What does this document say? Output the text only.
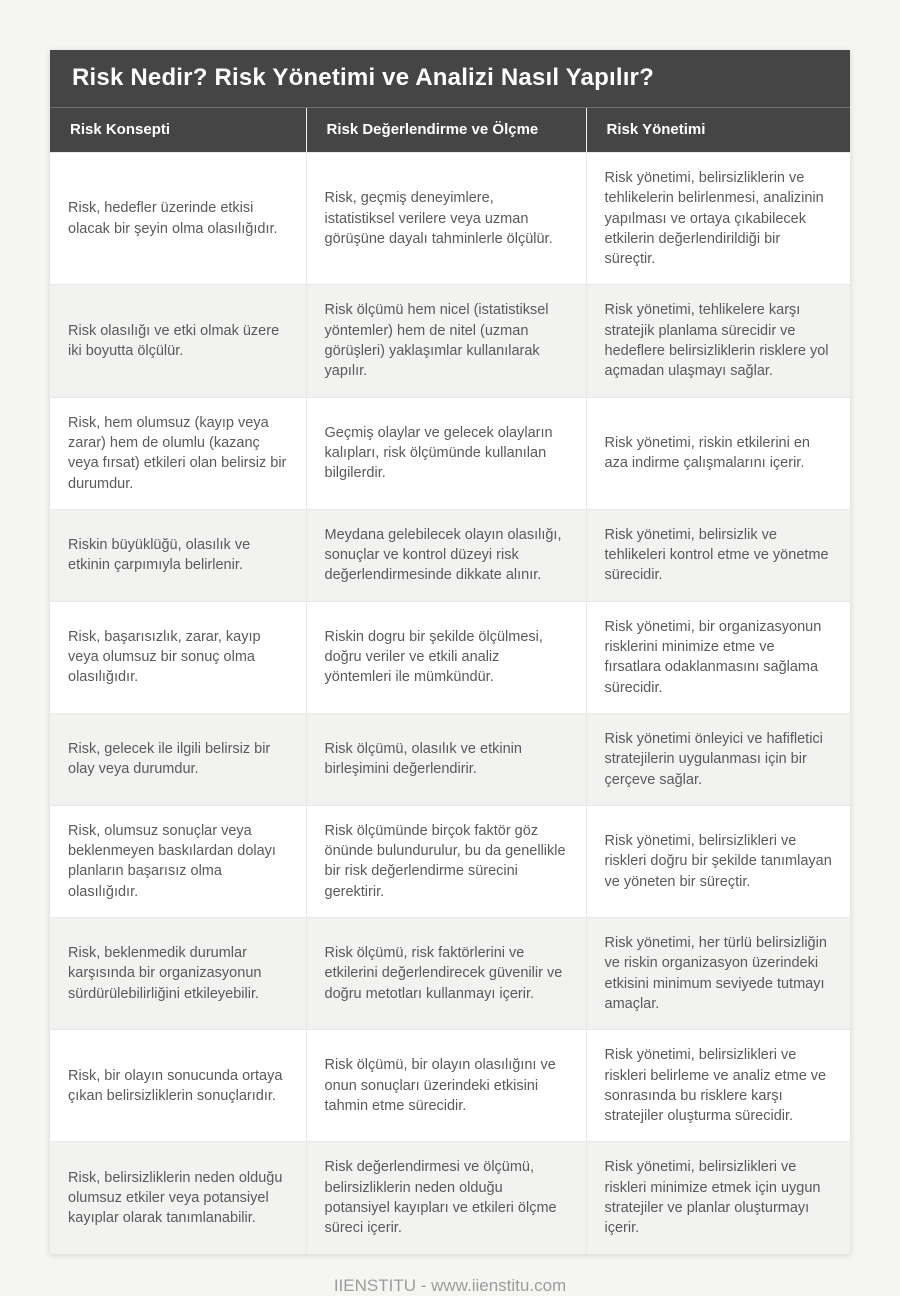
Risk Nedir? Risk Yönetimi ve Analizi Nasıl Yapılır?
Risk Konsepti	Risk Değerlendirme ve Ölçme	Risk Yönetimi
Risk, hedefler üzerinde etkisi olacak bir şeyin olma olasılığıdır.	Risk, geçmiş deneyimlere, istatistiksel verilere veya uzman görüşüne dayalı tahminlerle ölçülür.	Risk yönetimi, belirsizliklerin ve tehlikelerin belirlenmesi, analizinin yapılması ve ortaya çıkabilecek etkilerin değerlendirildiği bir süreçtir.
Risk olasılığı ve etki olmak üzere iki boyutta ölçülür.	Risk ölçümü hem nicel (istatistiksel yöntemler) hem de nitel (uzman görüşleri) yaklaşımlar kullanılarak yapılır.	Risk yönetimi, tehlikelere karşı stratejik planlama sürecidir ve hedeflere belirsizliklerin risklere yol açmadan ulaşmayı sağlar.
Risk, hem olumsuz (kayıp veya zarar) hem de olumlu (kazanç veya fırsat) etkileri olan belirsiz bir durumdur.	Geçmiş olaylar ve gelecek olayların kalıpları, risk ölçümünde kullanılan bilgilerdir.	Risk yönetimi, riskin etkilerini en aza indirme çalışmalarını içerir.
Riskin büyüklüğü, olasılık ve etkinin çarpımıyla belirlenir.	Meydana gelebilecek olayın olasılığı, sonuçlar ve kontrol düzeyi risk değerlendirmesinde dikkate alınır.	Risk yönetimi, belirsizlik ve tehlikeleri kontrol etme ve yönetme sürecidir.
Risk, başarısızlık, zarar, kayıp veya olumsuz bir sonuç olma olasılığıdır.	Riskin dogru bir şekilde ölçülmesi, doğru veriler ve etkili analiz yöntemleri ile mümkündür.	Risk yönetimi, bir organizasyonun risklerini minimize etme ve fırsatlara odaklanmasını sağlama sürecidir.
Risk, gelecek ile ilgili belirsiz bir olay veya durumdur.	Risk ölçümü, olasılık ve etkinin birleşimini değerlendirir.	Risk yönetimi önleyici ve hafifletici stratejilerin uygulanması için bir çerçeve sağlar.
Risk, olumsuz sonuçlar veya beklenmeyen baskılardan dolayı planların başarısız olma olasılığıdır.	Risk ölçümünde birçok faktör göz önünde bulundurulur, bu da genellikle bir risk değerlendirme sürecini gerektirir.	Risk yönetimi, belirsizlikleri ve riskleri doğru bir şekilde tanımlayan ve yöneten bir süreçtir.
Risk, beklenmedik durumlar karşısında bir organizasyonun sürdürülebilirliğini etkileyebilir.	Risk ölçümü, risk faktörlerini ve etkilerini değerlendirecek güvenilir ve doğru metotları kullanmayı içerir.	Risk yönetimi, her türlü belirsizliğin ve riskin organizasyon üzerindeki etkisini minimum seviyede tutmayı amaçlar.
Risk, bir olayın sonucunda ortaya çıkan belirsizliklerin sonuçlarıdır.	Risk ölçümü, bir olayın olasılığını ve onun sonuçları üzerindeki etkisini tahmin etme sürecidir.	Risk yönetimi, belirsizlikleri ve riskleri belirleme ve analiz etme ve sonrasında bu risklere karşı stratejiler oluşturma sürecidir.
Risk, belirsizliklerin neden olduğu olumsuz etkiler veya potansiyel kayıplar olarak tanımlanabilir.	Risk değerlendirmesi ve ölçümü, belirsizliklerin neden olduğu potansiyel kayıpları ve etkileri ölçme süreci içerir.	Risk yönetimi, belirsizlikleri ve riskleri minimize etmek için uygun stratejiler ve planlar oluşturmayı içerir.
IIENSTITU - www.iienstitu.com
